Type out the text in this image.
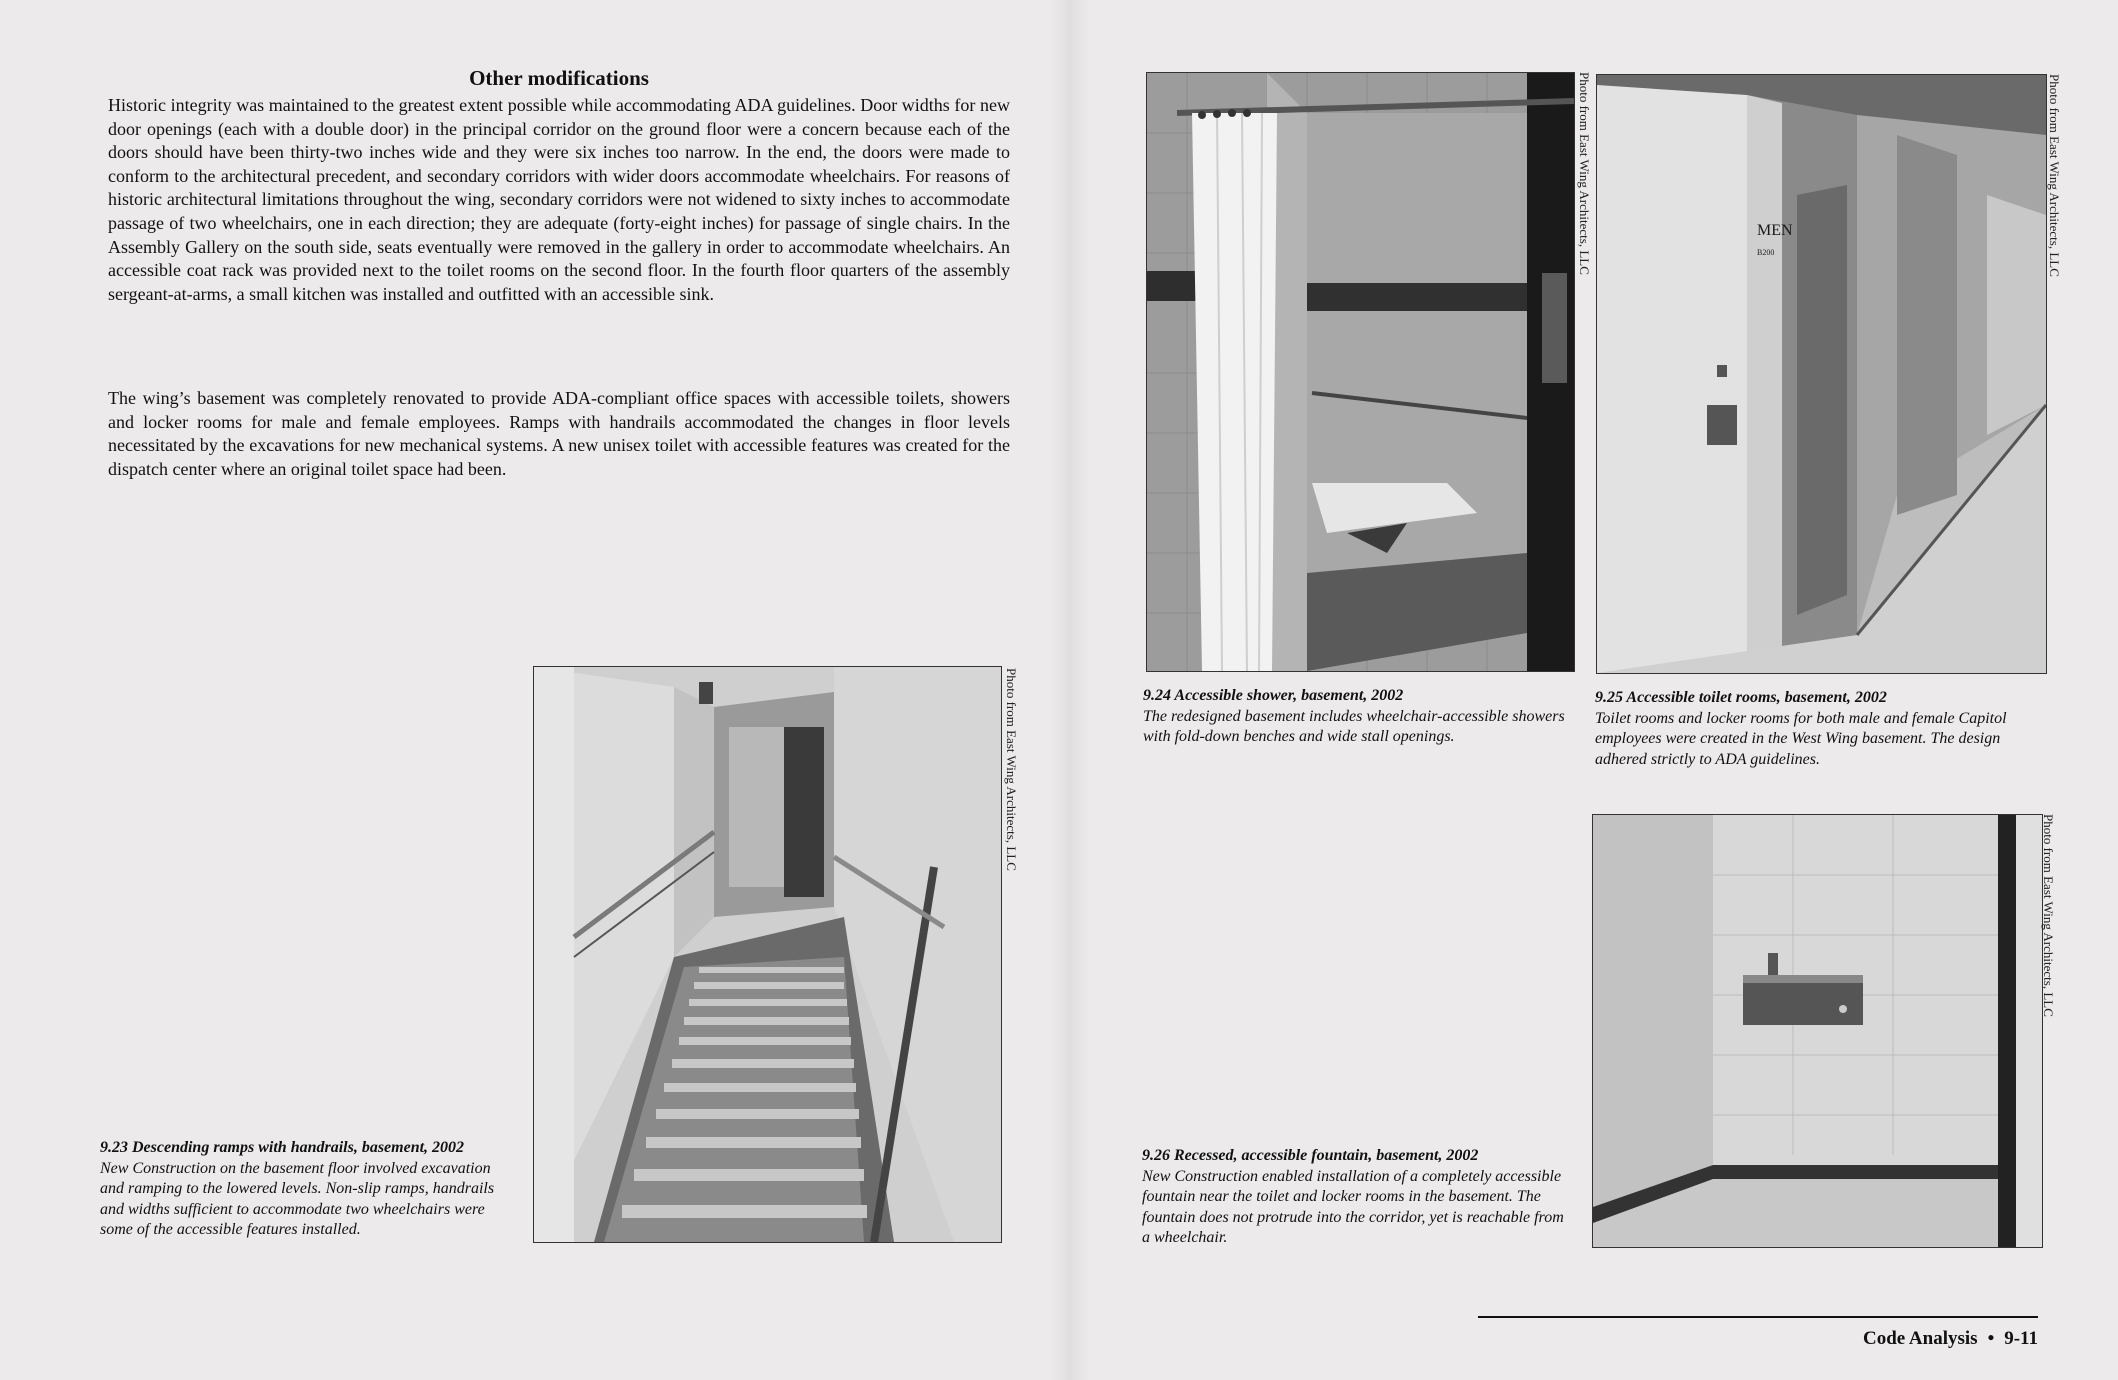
Other modifications

Historic integrity was maintained to the greatest extent possible while accommodating ADA guidelines. Door widths for new door openings (each with a double door) in the principal corridor on the ground floor were a concern because each of the doors should have been thirty-two inches wide and they were six inches too narrow. In the end, the doors were made to conform to the architectural precedent, and secondary corridors with wider doors accommodate wheelchairs. For reasons of historic architectural limitations throughout the wing, secondary corridors were not widened to sixty inches to accommodate passage of two wheelchairs, one in each direction; they are adequate (forty-eight inches) for passage of single chairs. In the Assembly Gallery on the south side, seats eventually were removed in the gallery in order to accommodate wheelchairs. An accessible coat rack was provided next to the toilet rooms on the second floor. In the fourth floor quarters of the assembly sergeant-at-arms, a small kitchen was installed and outfitted with an accessible sink.

The wing’s basement was completely renovated to provide ADA-compliant office spaces with accessible toilets, showers and locker rooms for male and female employees. Ramps with handrails accommodated the changes in floor levels necessitated by the excavations for new mechanical systems. A new unisex toilet with accessible features was created for the dispatch center where an original toilet space had been.

Photo from East Wing Architects, LLC
9.23 Descending ramps with handrails, basement, 2002
New Construction on the basement floor involved excavation and ramping to the lowered levels. Non-slip ramps, handrails and widths sufficient to accommodate two wheelchairs were some of the accessible features installed.
Photo from East Wing Architects, LLC
9.24 Accessible shower, basement, 2002
The redesigned basement includes wheelchair-accessible showers with fold-down benches and wide stall openings.
MEN
B200	Photo from East Wing Architects, LLC
9.25 Accessible toilet rooms, basement, 2002
Toilet rooms and locker rooms for both male and female Capitol employees were created in the West Wing basement. The design adhered strictly to ADA guidelines.
Photo from East Wing Architects, LLC
9.26 Recessed, accessible fountain, basement, 2002
New Construction enabled installation of a completely accessible fountain near the toilet and locker rooms in the basement. The fountain does not protrude into the corridor, yet is reachable from a wheelchair.
Code Analysis • 9-11
